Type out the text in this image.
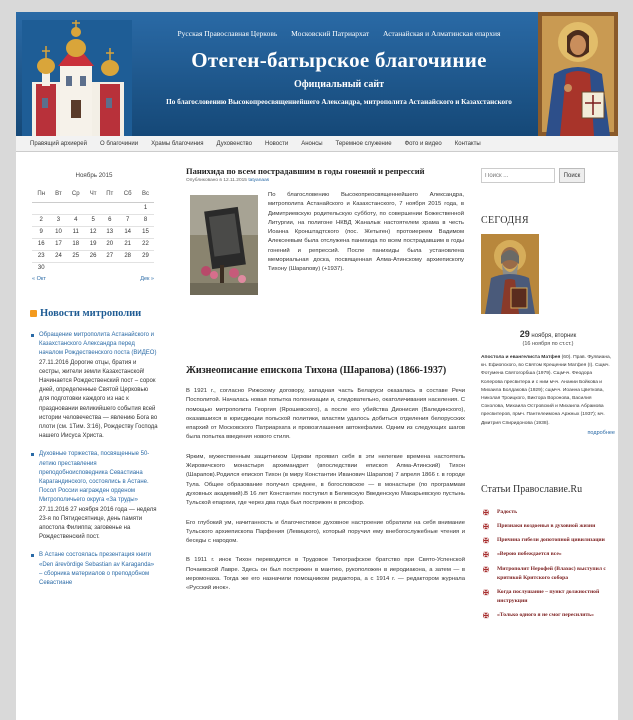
Русская Православная Церковь Московский Патриархат Астанайская и Алматинская епархия
Отеген-батырское благочиние
Официальный сайт
По благословению Высокопреосвященнейшего Александра, митрополита Астанайского и Казахстанского
Правящий архиерей О благочинии Храмы благочиния Духовенство Новости Анонсы Теремное служение Фото и видео Контакты
Ноябрь 2015
Пн	Вт	Ср	Чт	Пт	Сб	Вс
						1
2	3	4	5	6	7	8
9	10	11	12	13	14	15
16	17	18	19	20	21	22
23	24	25	26	27	28	29
30						
« Окт	Дек »
Новости митрополии
Обращение митрополита Астанайского и Казахстанского Александра перед началом Рождественского поста (ВИДЕО) 27.11.2016 Дорогие отцы, братия и сестры, жители земли Казахстанской! Начинается Рождественский пост – сорок дней, определенные Святой Церковью для подготовки каждого из нас к праздновании великийшего события всей истории человечества — явлению Бога во плоти (см. 1Тим. 3:16), Рождеству Господа нашего Иисуса Христа.
Духовные торжества, посвященные 50-летию преставления преподобноисповедника Севастиана Карагандинского, состоялись в Астане. Посол России награжден орденом Митрополичьего округа «За труды» 27.11.2016 27 ноября 2016 года — неделя 23-я по Пятидесятнице, день памяти апостола Филиппа; заговенье на Рождественский пост.
В Астане состоялась презентация книги «Den ärevördige Sebastian av Karaganda» – сборника материалов о преподобном Севастиане
Панихида по всем пострадавшим в годы гонений и репрессий
Опубликовано в 12.11.2015 tatyanaas
По благословению Высокопреосвященнейшего Александра, митрополита Астанайского и Казахстанского, 7 ноября 2015 года, в Димитриевскую родительскую субботу, по совершении Божественной Литургии, на полигоне НКВД Жаналык настоятелем храма в честь Иоанна Кронштадтского (пос. Жетыген) протоиереем Вадимом Алексеевым была отслужена панихида по всем пострадавшим в годы гонений и репрессий. После панихиды была установлена мемориальная доска, посвященная Алма-Атинскому архиепископу Тихону (Шарапову) (+1937).
Жизнеописание епископа Тихона (Шарапова) (1866-1937)

В 1921 г., согласно Рижскому договору, западная часть Беларуси оказалась в составе Речи Посполитой. Началась новая попытка полонизации и, следовательно, окатоличивания населения. С помощью митрополита Георгия (Ярошевского), а после его убийства Дионисия (Валединского), оказавшихся в юрисдикции польской политики, властям удалось добиться отделения белорусских епархий от Московского Патриархата и провозглашения автокефалии. Одним из следующих шагов была попытка введения нового стиля.

Ярким, мужественным защитником Церкви проявил себя в эти нелегкие времена настоятель Жировичского монастыря архимандрит (впоследствии епископ Алма-Атинский) Тихон (Шарапов).Родился епископ Тихон (в миру Константин Иванович Шарапов) 7 апреля 1866 г. в городе Тула. Общее образование получил среднее, в богословское — в монастыре (по программам духовных академий).В 16 лет Константин поступил в Белевскую Введенскую Макарьевскую пустынь Тульской епархии, где через два года был пострижен в рясофор.

Его глубокий ум, начитанность и благочестивое духовное настроение обратили на себя внимание Тульского архиепископа Парфения (Левицкого), который поручил ему внебогослужебные чтения и беседы с народом.

В 1911 г. инок Тихон переводится в Трудовое Типографское братство при Свято-Успенской Почаевской Лавре. Здесь он был пострижен в мантию, рукоположен в иеродиакона, а затем — в иеромонаха. Тогда же его назначили помощником редактора, а с 1914 г. — редактором журнала «Русский инок».

Поиск ...
Поиск
СЕГОДНЯ
29 ноября, вторник
(16 ноября по ст.ст.)
Апостола и евангелиста Матфея (60). Прав. Фулвиана, кн. Ефиопского, во Святом Крещении Матфея (I). Сщмч. Фотумена Святогорбша (1979). Сщмчч. Феодора Колерова пресвитера и с ним мчч. Анании Бойкова и Михаила Болдакова (1929); сщмчч. Иоанна Цветкова, Николая Троицкого, Виктора Воронова, Василия Соколова, Михаила Островский и Михаила Абрамова пресвитеров, прмч. Пантелеимона Аржных (1937); мч. Дмитрия Спиридонова (1938).
подробнее
Статьи Православие.Ru
✠ Радость
✠ Признаки воздоенья в духовной жизни
✠ Причина гибели допотопной цивилизации
✠ «Верою побеждается все»
✠ Митрополит Нерофей (Влахос) выступил с критикой Критского собора
✠ Когда послушание – пункт должностной инструкции
✠ «Только одного я не смог пересилить»
